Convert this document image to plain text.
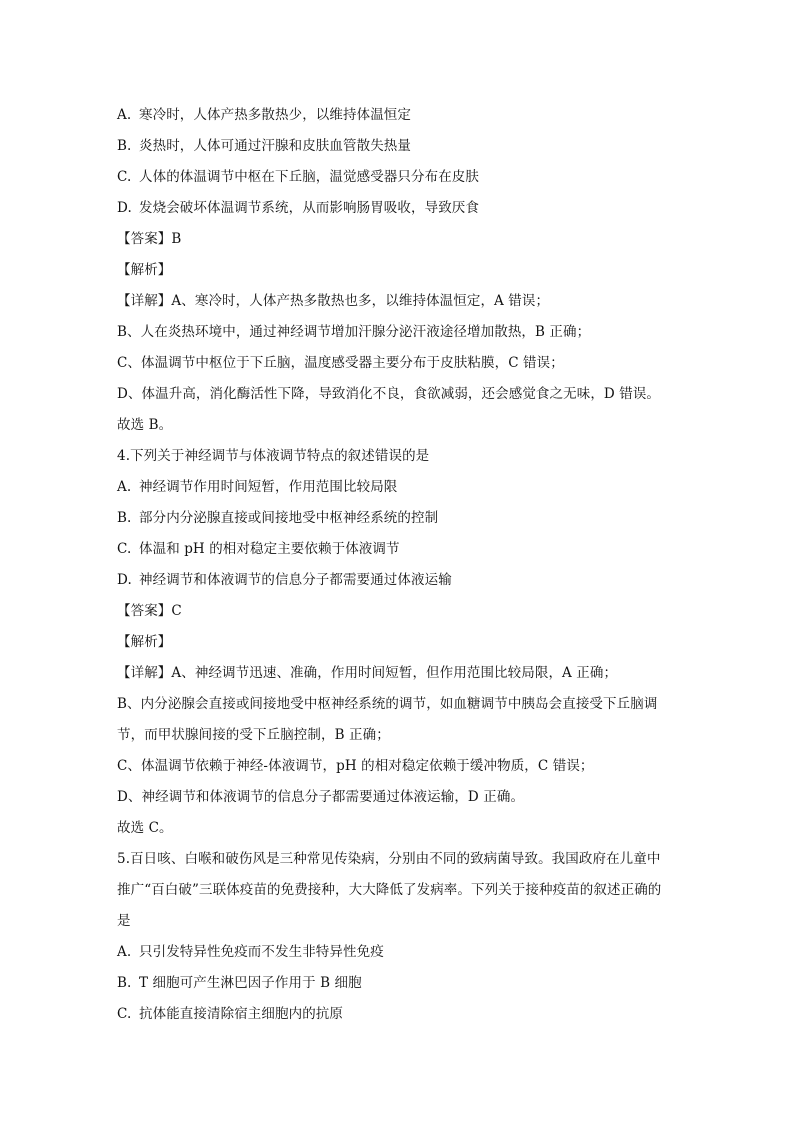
A. 寒冷时，人体产热多散热少，以维持体温恒定
B. 炎热时，人体可通过汗腺和皮肤血管散失热量
C. 人体的体温调节中枢在下丘脑，温觉感受器只分布在皮肤
D. 发烧会破坏体温调节系统，从而影响肠胃吸收，导致厌食
【答案】B
【解析】
【详解】A、寒冷时，人体产热多散热也多，以维持体温恒定，A 错误；
B、人在炎热环境中，通过神经调节增加汗腺分泌汗液途径增加散热，B 正确；
C、体温调节中枢位于下丘脑，温度感受器主要分布于皮肤粘膜，C 错误；
D、体温升高，消化酶活性下降，导致消化不良，食欲减弱，还会感觉食之无味，D 错误。
故选 B。
4.下列关于神经调节与体液调节特点的叙述错误的是
A. 神经调节作用时间短暂，作用范围比较局限
B. 部分内分泌腺直接或间接地受中枢神经系统的控制
C. 体温和 pH 的相对稳定主要依赖于体液调节
D. 神经调节和体液调节的信息分子都需要通过体液运输
【答案】C
【解析】
【详解】A、神经调节迅速、准确，作用时间短暂，但作用范围比较局限，A 正确；
B、内分泌腺会直接或间接地受中枢神经系统的调节，如血糖调节中胰岛会直接受下丘脑调
节，而甲状腺间接的受下丘脑控制，B 正确；
C、体温调节依赖于神经-体液调节，pH 的相对稳定依赖于缓冲物质，C 错误；
D、神经调节和体液调节的信息分子都需要通过体液运输，D 正确。
故选 C。
5.百日咳、白喉和破伤风是三种常见传染病，分别由不同的致病菌导致。我国政府在儿童中
推广“百白破”三联体疫苗的免费接种，大大降低了发病率。下列关于接种疫苗的叙述正确的
是
A. 只引发特异性免疫而不发生非特异性免疫
B. T 细胞可产生淋巴因子作用于 B 细胞
C. 抗体能直接清除宿主细胞内的抗原
